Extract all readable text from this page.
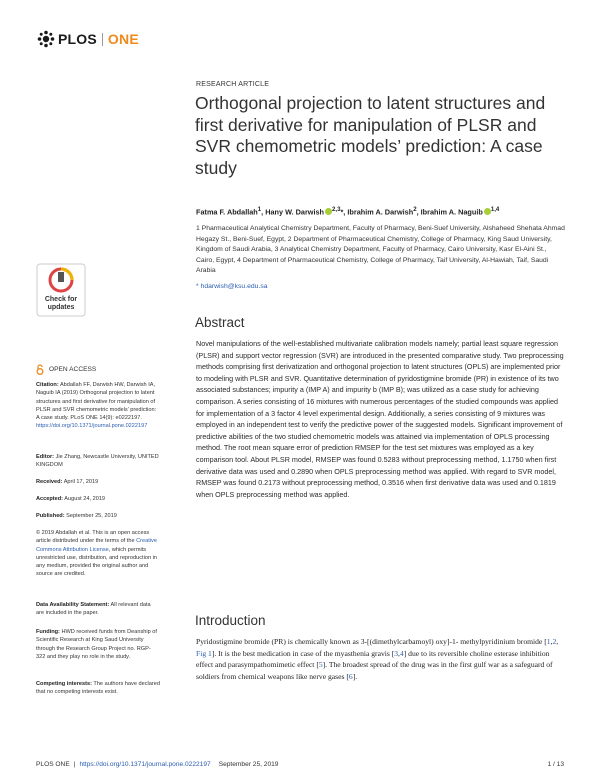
PLOS ONE
RESEARCH ARTICLE
Orthogonal projection to latent structures and first derivative for manipulation of PLSR and SVR chemometric models’ prediction: A case study
Fatma F. Abdallah$^1$, Hany W. Darwish $^{2,3}$*, Ibrahim A. Darwish$^2$, Ibrahim A. Naguib $^{1,4}$
1 Pharmaceutical Analytical Chemistry Department, Faculty of Pharmacy, Beni-Suef University, Alshaheed Shehata Ahmad Hegazy St., Beni-Suef, Egypt, 2 Department of Pharmaceutical Chemistry, College of Pharmacy, King Saud University, Kingdom of Saudi Arabia, 3 Analytical Chemistry Department, Faculty of Pharmacy, Cairo University, Kasr El-Aini St., Cairo, Egypt, 4 Department of Pharmaceutical Chemistry, College of Pharmacy, Taif University, Al-Hawiah, Taif, Saudi Arabia
* hdarwish@ksu.edu.sa
Abstract
Novel manipulations of the well-established multivariate calibration models namely; partial least square regression (PLSR) and support vector regression (SVR) are introduced in the presented comparative study. Two preprocessing methods comprising first derivatization and orthogonal projection to latent structures (OPLS) are implemented prior to modeling with PLSR and SVR. Quantitative determination of pyridostigmine bromide (PR) in existence of its two associated substances; impurity a (IMP A) and impurity b (IMP B); was utilized as a case study for achieving comparison. A series consisting of 16 mixtures with numerous percentages of the studied compounds was applied for implementation of a 3 factor 4 level experimental design. Additionally, a series consisting of 9 mixtures was employed in an independent test to verify the predictive power of the suggested models. Significant improvement of predictive abilities of the two studied chemometric models was attained via implementation of OPLS processing method. The root mean square error of prediction RMSEP for the test set mixtures was employed as a key comparison tool. About PLSR model, RMSEP was found 0.5283 without preprocessing method, 1.1750 when first derivative data was used and 0.2890 when OPLS preprocessing method was applied. With regard to SVR model, RMSEP was found 0.2173 without preprocessing method, 0.3516 when first derivative data was used and 0.1819 when OPLS preprocessing method was applied.
Introduction
Pyridostigmine bromide (PR) is chemically known as 3-[(dimethylcarbamoyl) oxy]-1- methylpyridinium bromide [1,2, Fig 1]. It is the best medication in case of the myasthenia gravis [3,4] due to its reversible choline esterase inhibition effect and parasympathomimetic effect [5]. The broadest spread of the drug was in the first gulf war as a safeguard of soldiers from chemical weapons like nerve gases [6].
Check for
updates
OPEN ACCESS
Citation: Abdallah FF, Darwish HW, Darwish IA, Naguib IA (2019) Orthogonal projection to latent structures and first derivative for manipulation of PLSR and SVR chemometric models’ prediction: A case study. PLoS ONE 14(9): e0222197. https://doi.org/10.1371/journal.pone.0222197
Editor: Jie Zhang, Newcastle University, UNITED KINGDOM
Received: April 17, 2019
Accepted: August 24, 2019
Published: September 25, 2019
© 2019 Abdallah et al. This is an open access article distributed under the terms of the Creative Commons Attribution License, which permits unrestricted use, distribution, and reproduction in any medium, provided the original author and source are credited.
Data Availability Statement: All relevant data are included in the paper.
Funding: HWD received funds from Deanship of Scientific Research at King Saud University through the Research Group Project no. RGP-322 and they play no role in the study.
Competing interests: The authors have declared that no competing interests exist.
PLOS ONE | https://doi.org/10.1371/journal.pone.0222197 September 25, 2019	1 / 13
